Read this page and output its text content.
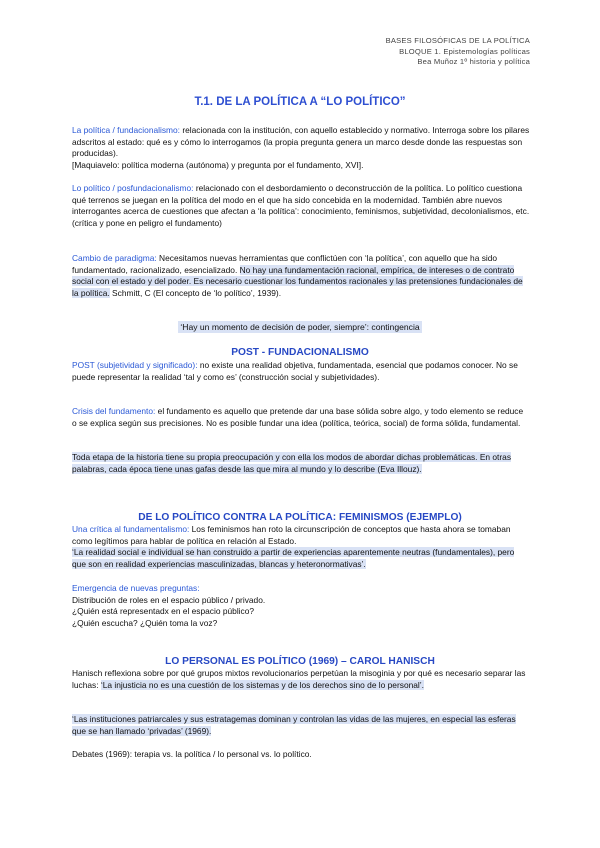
BASES FILOSÓFICAS DE LA POLÍTICA
BLOQUE 1. Epistemologías políticas
Bea Muñoz 1º historia y política
T.1. DE LA POLÍTICA A “LO POLÍTICO”

La política / fundacionalismo: relacionada con la institución, con aquello establecido y normativo. Interroga sobre los pilares adscritos al estado: qué es y cómo lo interrogamos (la propia pregunta genera un marco desde donde las respuestas son producidas).

[Maquiavelo: política moderna (autónoma) y pregunta por el fundamento, XVI].

Lo político / posfundacionalismo: relacionado con el desbordamiento o deconstrucción de la política. Lo político cuestiona qué terrenos se juegan en la política del modo en el que ha sido concebida en la modernidad. También abre nuevos interrogantes acerca de cuestiones que afectan a ‘la política’: conocimiento, feminismos, subjetividad, decolonialismos, etc. (crítica y pone en peligro el fundamento)

Cambio de paradigma: Necesitamos nuevas herramientas que conflictúen con ‘la política’, con aquello que ha sido fundamentado, racionalizado, esencializado. No hay una fundamentación racional, empírica, de intereses o de contrato social con el estado y del poder. Es necesario cuestionar los fundamentos racionales y las pretensiones fundacionales de la política. Schmitt, C (El concepto de ‘lo político’, 1939).

‘Hay un momento de decisión de poder, siempre’: contingencia
POST - FUNDACIONALISMO

POST (subjetividad y significado): no existe una realidad objetiva, fundamentada, esencial que podamos conocer. No se puede representar la realidad ‘tal y como es’ (construcción social y subjetividades).

Crisis del fundamento: el fundamento es aquello que pretende dar una base sólida sobre algo, y todo elemento se reduce o se explica según sus precisiones. No es posible fundar una idea (política, teórica, social) de forma sólida, fundamental.

Toda etapa de la historia tiene su propia preocupación y con ella los modos de abordar dichas problemáticas. En otras palabras, cada época tiene unas gafas desde las que mira al mundo y lo describe (Eva Illouz).

DE LO POLÍTICO CONTRA LA POLÍTICA: FEMINISMOS (EJEMPLO)

Una crítica al fundamentalismo: Los feminismos han roto la circunscripción de conceptos que hasta ahora se tomaban como legítimos para hablar de política en relación al Estado.

‘La realidad social e individual se han construido a partir de experiencias aparentemente neutras (fundamentales), pero que son en realidad experiencias masculinizadas, blancas y heteronormativas’.

Emergencia de nuevas preguntas:

Distribución de roles en el espacio público / privado.

¿Quién está representadx en el espacio público?

¿Quién escucha? ¿Quién toma la voz?

LO PERSONAL ES POLÍTICO (1969) – CAROL HANISCH

Hanisch reflexiona sobre por qué grupos mixtos revolucionarios perpetúan la misoginia y por qué es necesario separar las luchas: ‘La injusticia no es una cuestión de los sistemas y de los derechos sino de lo personal’.

‘Las instituciones patriarcales y sus estratagemas dominan y controlan las vidas de las mujeres, en especial las esferas que se han llamado ‘privadas’ (1969).

Debates (1969): terapia vs. la política / lo personal vs. lo político.
